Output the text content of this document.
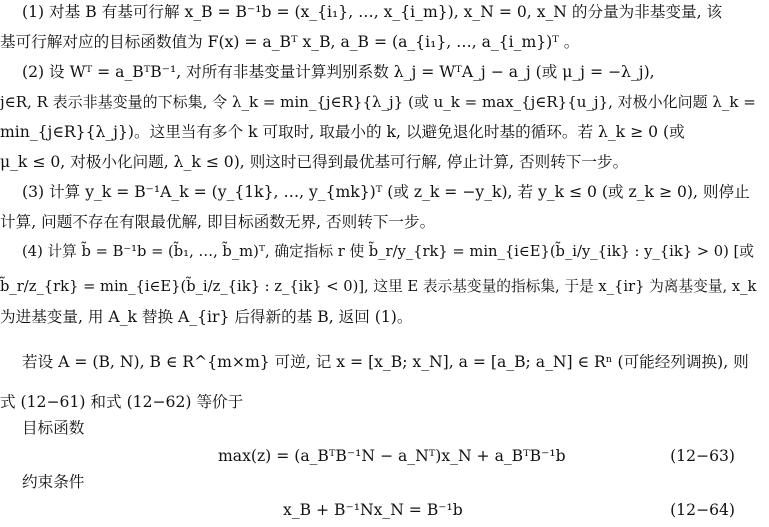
(1) 对基 B 有基可行解 x_B = B⁻¹b = (x_{i₁}, …, x_{i_m}), x_N = 0, x_N 的分量为非基变量, 该
基可行解对应的目标函数值为 F(x) = a_Bᵀ x_B, a_B = (a_{i₁}, …, a_{i_m})ᵀ 。
(2) 设 Wᵀ = a_BᵀB⁻¹, 对所有非基变量计算判别系数 λ_j = WᵀA_j − a_j (或 μ_j = −λ_j),
j∈R, R 表示非基变量的下标集, 令 λ_k = min_{j∈R}{λ_j} (或 u_k = max_{j∈R}{u_j}, 对极小化问题 λ_k =
min_{j∈R}{λ_j})。这里当有多个 k 可取时, 取最小的 k, 以避免退化时基的循环。若 λ_k ≥ 0 (或
μ_k ≤ 0, 对极小化问题, λ_k ≤ 0), 则这时已得到最优基可行解, 停止计算, 否则转下一步。
(3) 计算 y_k = B⁻¹A_k = (y_{1k}, …, y_{mk})ᵀ (或 z_k = −y_k), 若 y_k ≤ 0 (或 z_k ≥ 0), 则停止
计算, 问题不存在有限最优解, 即目标函数无界, 否则转下一步。
(4) 计算 b̃ = B⁻¹b = (b̃₁, …, b̃_m)ᵀ, 确定指标 r 使 b̃_r/y_{rk} = min_{i∈E}(b̃_i/y_{ik} : y_{ik} > 0) [或
b̃_r/z_{rk} = min_{i∈E}(b̃_i/z_{ik} : z_{ik} < 0)], 这里 E 表示基变量的指标集, 于是 x_{ir} 为离基变量, x_k
为进基变量, 用 A_k 替换 A_{ir} 后得新的基 B, 返回 (1)。
若设 A = (B, N), B ∈ R^{m×m} 可逆, 记 x = [x_B; x_N], a = [a_B; a_N] ∈ Rⁿ (可能经列调换), 则
式 (12−61) 和式 (12−62) 等价于
目标函数
max(z) = (a_BᵀB⁻¹N − a_Nᵀ)x_N + a_BᵀB⁻¹b	(12−63)
约束条件
x_B + B⁻¹Nx_N = B⁻¹b	(12−64)
